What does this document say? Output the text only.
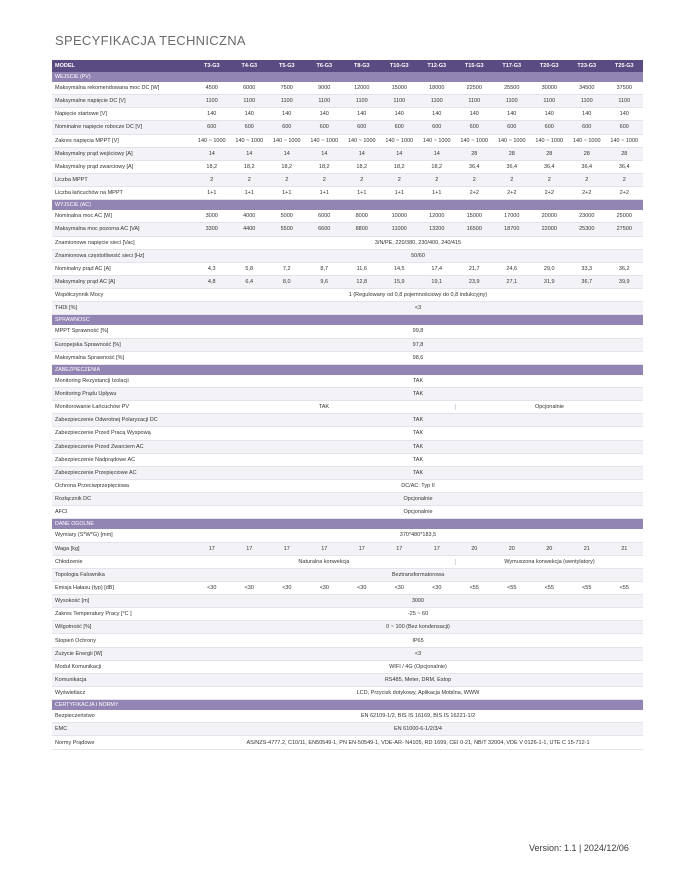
SPECYFIKACJA TECHNICZNA
MODEL	T3-G3	T4-G3	T5-G3	T6-G3	T8-G3	T10-G3	T12-G3	T15-G3	T17-G3	T20-G3	T23-G3	T25-G3
WEJŚCIE (PV)
Maksymalna rekomendowana moc DC [W]	4500	6000	7500	9000	12000	15000	18000	22500	25500	30000	34500	37500
Maksymalne napięcie DC [V]	1100	1100	1100	1100	1100	1100	1100	1100	1100	1100	1100	1100
Napięcie startowe [V]	140	140	140	140	140	140	140	140	140	140	140	140
Nominalne napięcie robocze DC [V]	600	600	600	600	600	600	600	600	600	600	600	600
Zakres napięcia MPPT [V]	140 ~ 1000	140 ~ 1000	140 ~ 1000	140 ~ 1000	140 ~ 1000	140 ~ 1000	140 ~ 1000	140 ~ 1000	140 ~ 1000	140 ~ 1000	140 ~ 1000	140 ~ 1000
Maksymalny prąd wejściowy [A]	14	14	14	14	14	14	14	28	28	28	28	28
Maksymalny prąd zwarciowy [A]	18,2	18,2	18,2	18,2	18,2	18,2	18,2	36,4	36,4	36,4	36,4	36,4
Liczba MPPT	2	2	2	2	2	2	2	2	2	2	2	2
Liczba łańcuchów na MPPT	1+1	1+1	1+1	1+1	1+1	1+1	1+1	2+2	2+2	2+2	2+2	2+2
WYJŚCIE (AC)
Nominalna moc AC [W]	3000	4000	5000	6000	8000	10000	12000	15000	17000	20000	23000	25000
Maksymalna moc pozorna AC [VA]	3300	4400	5500	6600	8800	11000	13200	16500	18700	22000	25300	27500
Znamionowe napięcie sieci [Vac]	3/N/PE, 220/380, 230/400, 240/415
Znamionowa częstotliwość sieci [Hz]	50/60
Nominalny prąd AC [A]	4,3	5,8	7,2	8,7	11,6	14,5	17,4	21,7	24,6	29,0	33,3	36,2
Maksymalny prąd AC [A]	4,8	6,4	8,0	9,6	12,8	15,9	19,1	23,9	27,1	31,9	36,7	39,9
Współczynnik Mocy	1 (Regulowany od 0,8 pojemnościowy do 0,8 indukcyjny)
THDi [%]	<3
SPRAWNOŚĆ
MPPT Sprawność [%]	99,8
Europejska Sprawność [%]	97,8
Maksymalna Sprawność [%]	98,6
ZABEZPIECZENIA
Monitoring Rezystancji Izolacji	TAK
Monitoring Prądu Upływu	TAK
Monitorowanie Łańcuchów PV	TAK	Opcjonalnie
Zabezpieczenie Odwrotnej Polaryzacji DC	TAK
Zabezpieczenie Przed Pracą Wyspową	TAK
Zabezpieczenie Przed Zwarciem AC	TAK
Zabezpieczenie Nadprądowe AC	TAK
Zabezpieczenie Przepięciowe AC	TAK
Ochrona Przeciwprzepięciowa	DC/AC: Typ II
Rozłącznik DC	Opcjonalnie
AFCI	Opcjonalnie
DANE OGÓLNE
Wymiary (S*W*G) [mm]	370*480*183,5
Waga [kg]	17	17	17	17	17	17	17	20	20	20	21	21
Chłodzenie	Naturalna konwekcja	Wymuszona konwekcja (wentylatory)
Topologia Falownika	Beztransformatorowa
Emisja Hałasu (typ) [dB]	<30	<30	<30	<30	<30	<30	<30	<55	<55	<55	<55	<55
Wysokość [m]	3000
Zakres Temperatury Pracy [°C ]	-25 ~ 60
Wilgotność [%]	0 ~ 100 (Bez kondensacji)
Stopień Ochrony	IP65
Zużycie Energii [W]	<3
Moduł Komunikacji	WIFI / 4G (Opcjonalnie)
Komunikacja	RS485, Meter, DRM, Estop
Wyświetlacz	LCD, Przycisk dotykowy, Aplikacja Mobilna, WWW
CERTYFIKACJA I NORMY
Bezpieczeństwo	EN 62109-1/2, BIS IS 16169, BIS IS 16221-1/2
EMC	EN 61000-6-1/2/3/4
Normy Prądowe	AS/NZS-4777.2, C10/11, EN50549-1, PN EN-50549-1, VDE-AR- N4105, RD 1699, CEI 0-21, NB/T 32004, VDE V 0126-1-1, UTE C 15-712-1
Version: 1.1 | 2024/12/06
